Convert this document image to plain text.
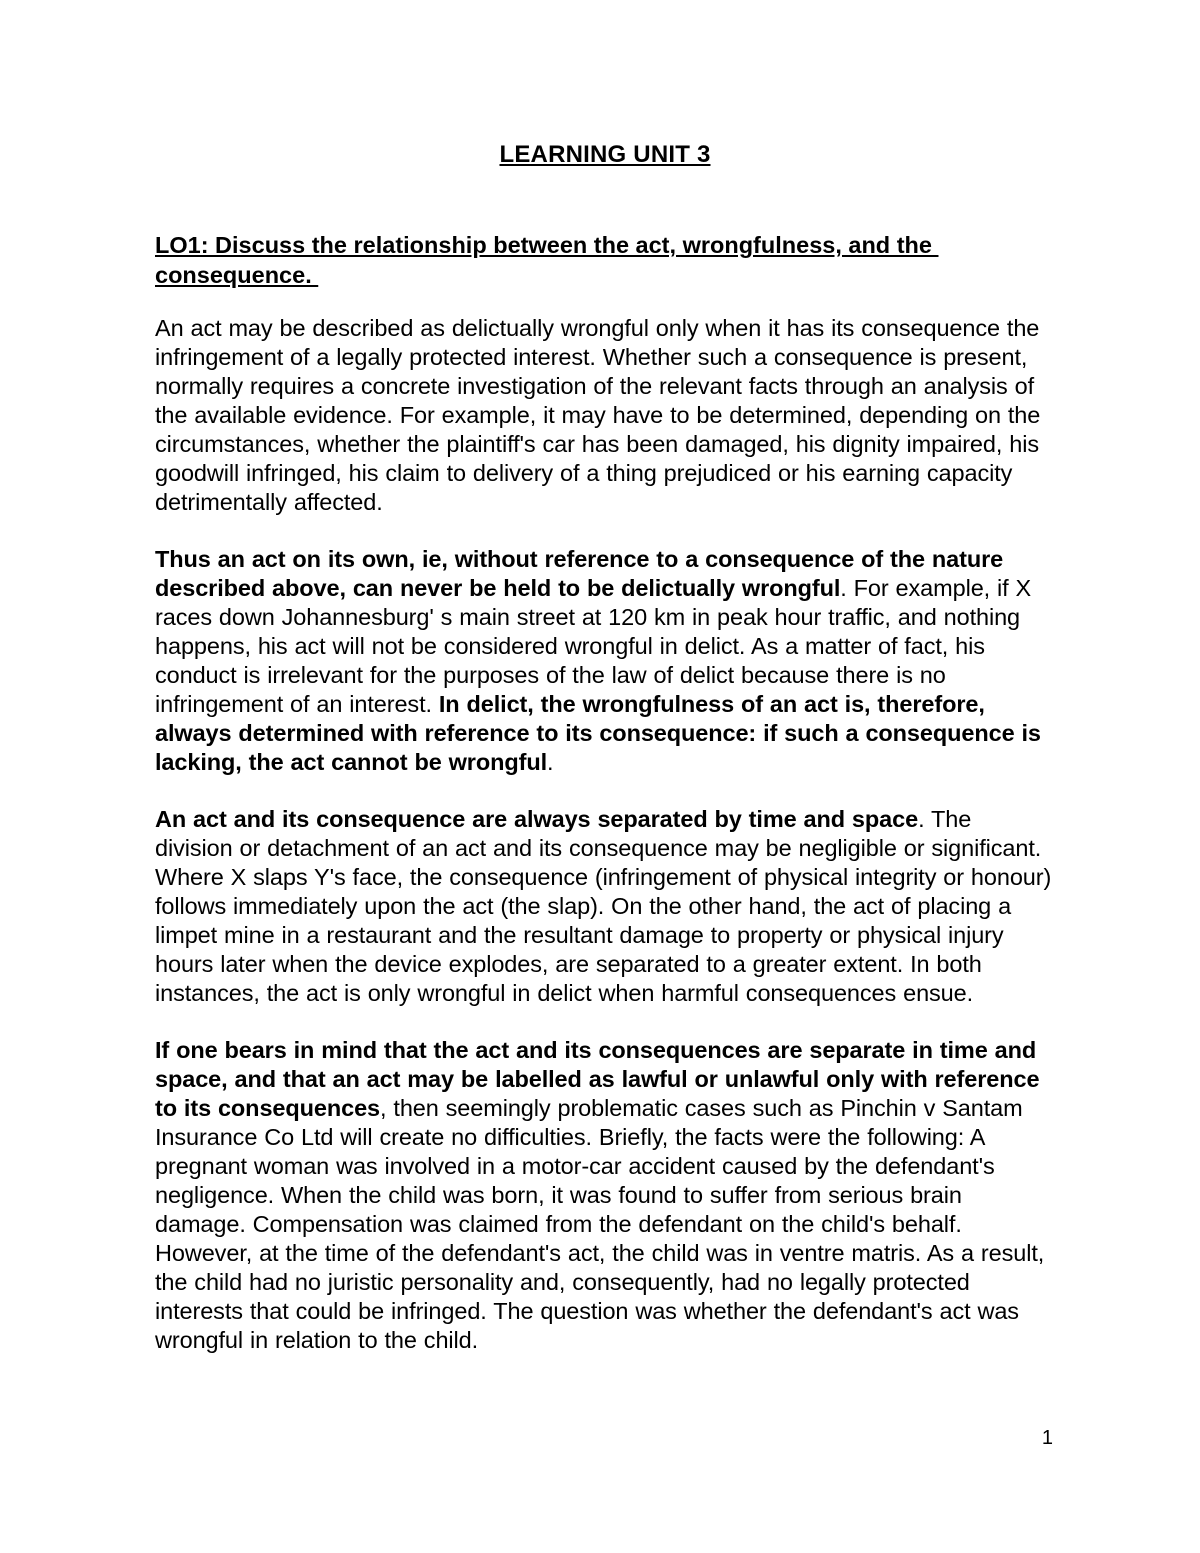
LEARNING UNIT 3
LO1: Discuss the relationship between the act, wrongfulness, and the
consequence.

An act may be described as delictually wrongful only when it has its consequence the infringement of a legally protected interest. Whether such a consequence is present, normally requires a concrete investigation of the relevant facts through an analysis of the available evidence. For example, it may have to be determined, depending on the circumstances, whether the plaintiff's car has been damaged, his dignity impaired, his goodwill infringed, his claim to delivery of a thing prejudiced or his earning capacity detrimentally affected.

Thus an act on its own, ie, without reference to a consequence of the nature described above, can never be held to be delictually wrongful. For example, if X races down Johannesburg' s main street at 120 km in peak hour traffic, and nothing happens, his act will not be considered wrongful in delict. As a matter of fact, his conduct is irrelevant for the purposes of the law of delict because there is no infringement of an interest. In delict, the wrongfulness of an act is, therefore, always determined with reference to its consequence: if such a consequence is lacking, the act cannot be wrongful.

An act and its consequence are always separated by time and space. The division or detachment of an act and its consequence may be negligible or significant. Where X slaps Y's face, the consequence (infringement of physical integrity or honour) follows immediately upon the act (the slap). On the other hand, the act of placing a limpet mine in a restaurant and the resultant damage to property or physical injury hours later when the device explodes, are separated to a greater extent. In both instances, the act is only wrongful in delict when harmful consequences ensue.

If one bears in mind that the act and its consequences are separate in time and space, and that an act may be labelled as lawful or unlawful only with reference to its consequences, then seemingly problematic cases such as Pinchin v Santam Insurance Co Ltd will create no difficulties. Briefly, the facts were the following: A pregnant woman was involved in a motor-car accident caused by the defendant's negligence. When the child was born, it was found to suffer from serious brain damage. Compensation was claimed from the defendant on the child's behalf. However, at the time of the defendant's act, the child was in ventre matris. As a result, the child had no juristic personality and, consequently, had no legally protected interests that could be infringed. The question was whether the defendant's act was wrongful in relation to the child.

1
